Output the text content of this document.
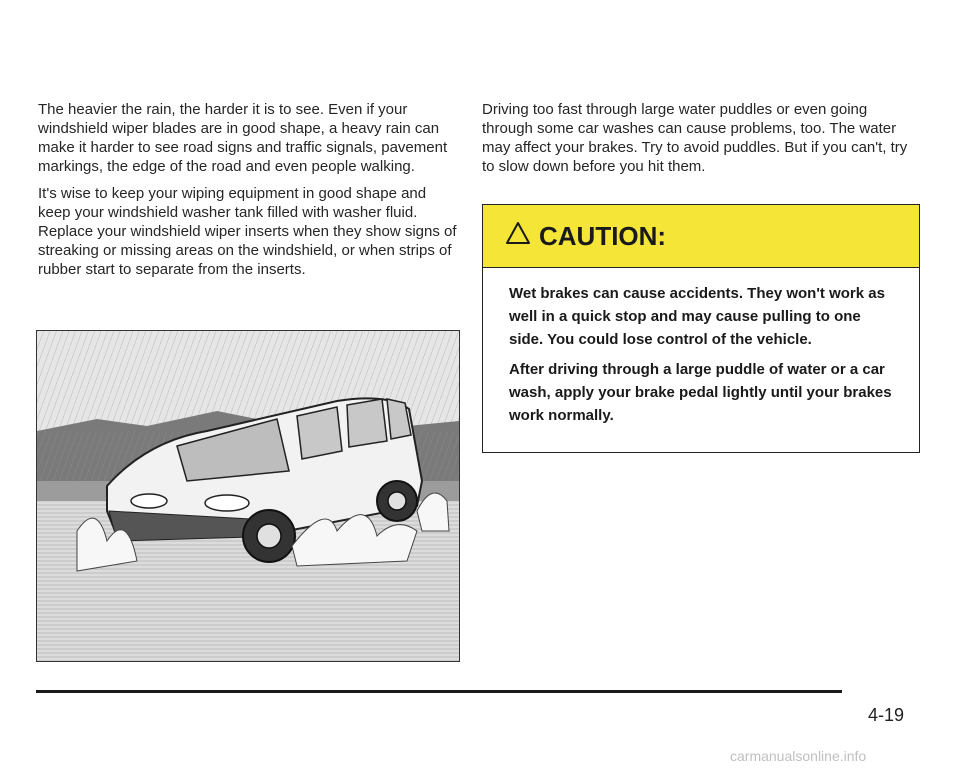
The heavier the rain, the harder it is to see. Even if your windshield wiper blades are in good shape, a heavy rain can make it harder to see road signs and traffic signals, pavement markings, the edge of the road and even people walking.

It's wise to keep your wiping equipment in good shape and keep your windshield washer tank filled with washer fluid. Replace your windshield wiper inserts when they show signs of streaking or missing areas on the windshield, or when strips of rubber start to separate from the inserts.

Driving too fast through large water puddles or even going through some car washes can cause problems, too. The water may affect your brakes. Try to avoid puddles. But if you can't, try to slow down before you hit them.

CAUTION:

Wet brakes can cause accidents. They won't work as well in a quick stop and may cause pulling to one side. You could lose control of the vehicle.

After driving through a large puddle of water or a car wash, apply your brake pedal lightly until your brakes work normally.

4-19
carmanualsonline.info
